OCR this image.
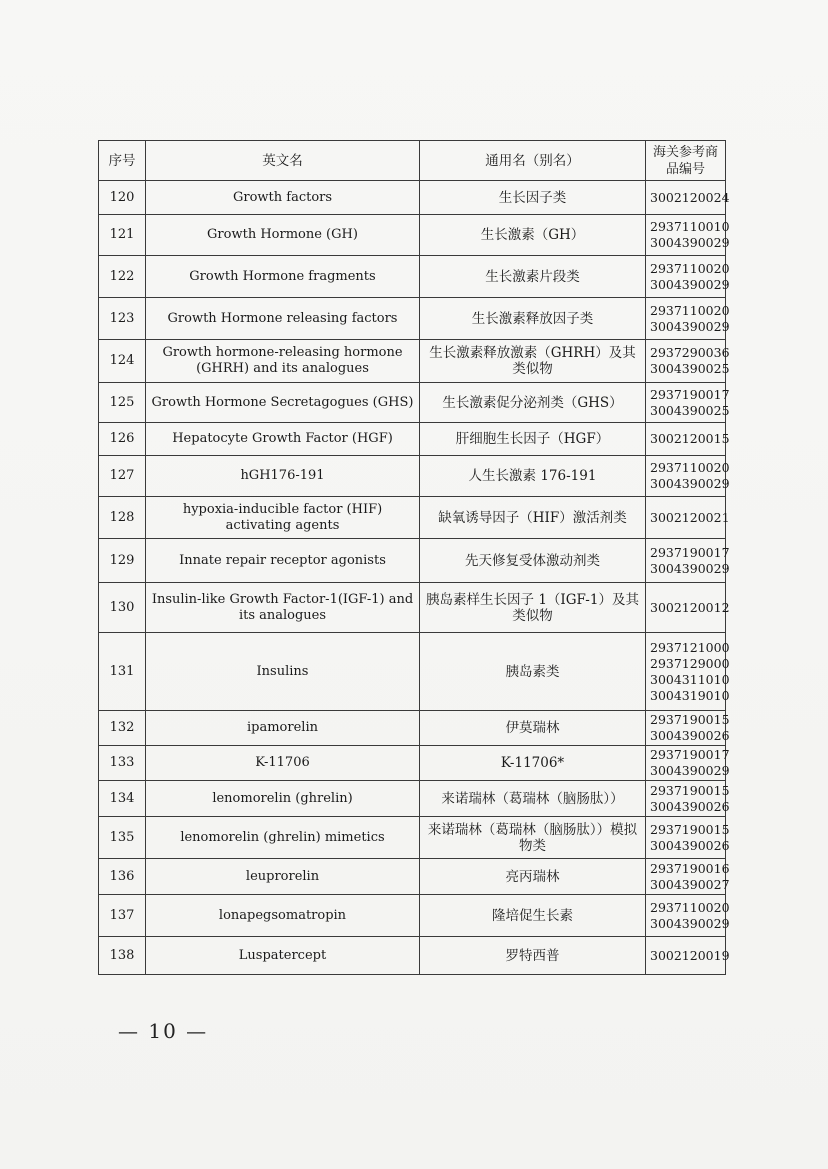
序号	英文名	通用名（别名）	海关参考商品编号
120	Growth factors	生长因子类	3002120024

121	Growth Hormone (GH)	生长激素（GH）	2937110010
3004390029

122	Growth Hormone fragments	生长激素片段类	2937110020
3004390029

123	Growth Hormone releasing factors	生长激素释放因子类	2937110020
3004390029

124	Growth hormone-releasing hormone (GHRH) and its analogues	生长激素释放激素（GHRH）及其类似物	2937290036
3004390025

125	Growth Hormone Secretagogues (GHS)	生长激素促分泌剂类（GHS）	2937190017
3004390025

126	Hepatocyte Growth Factor (HGF)	肝细胞生长因子（HGF）	3002120015

127	hGH176-191	人生长激素 176-191	2937110020
3004390029

128	hypoxia-inducible factor (HIF) activating agents	缺氧诱导因子（HIF）激活剂类	3002120021

129	Innate repair receptor agonists	先天修复受体激动剂类	2937190017
3004390029

130	Insulin-like Growth Factor-1(IGF-1) and its analogues	胰岛素样生长因子 1（IGF-1）及其类似物	3002120012

131	Insulins	胰岛素类	2937121000
2937129000
3004311010
3004319010

132	ipamorelin	伊莫瑞林	2937190015
3004390026

133	K-11706	K-11706*	2937190017
3004390029

134	lenomorelin (ghrelin)	来诺瑞林（葛瑞林（脑肠肽））	2937190015
3004390026

135	lenomorelin (ghrelin) mimetics	来诺瑞林（葛瑞林（脑肠肽））模拟物类	2937190015
3004390026

136	leuprorelin	亮丙瑞林	2937190016
3004390027

137	lonapegsomatropin	隆培促生长素	2937110020
3004390029

138	Luspatercept	罗特西普	3002120019
— 10 —
